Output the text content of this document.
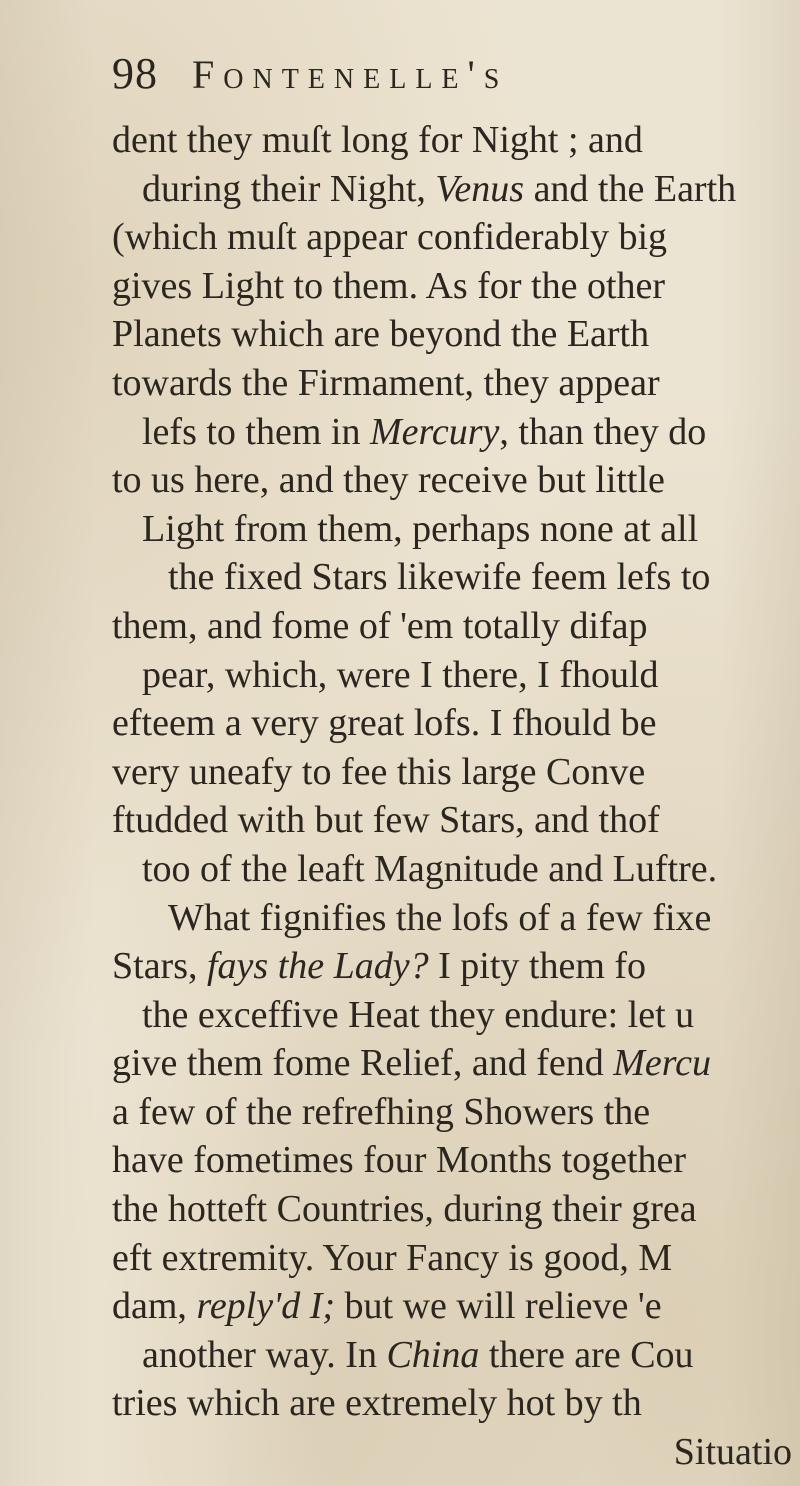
98 Fontenelle's
dent they muſt long for Night ; and
during their Night, Venus and the Earth
(which muſt appear confiderably big
gives Light to them. As for the other
Planets which are beyond the Earth
towards the Firmament, they appear
lefs to them in Mercury, than they do
to us here, and they receive but little
Light from them, perhaps none at all
the fixed Stars likewife feem lefs to
them, and fome of 'em totally difap
pear, which, were I there, I fhould
efteem a very great lofs. I fhould be
very uneafy to fee this large Conve
ftudded with but few Stars, and thof
too of the leaft Magnitude and Luftre.
What fignifies the lofs of a few fixe
Stars, fays the Lady? I pity them fo
the exceffive Heat they endure: let u
give them fome Relief, and fend Mercu
a few of the refrefhing Showers the
have fometimes four Months together
the hotteft Countries, during their grea
eft extremity. Your Fancy is good, M
dam, reply'd I; but we will relieve 'e
another way. In China there are Cou
tries which are extremely hot by th
Situatio
